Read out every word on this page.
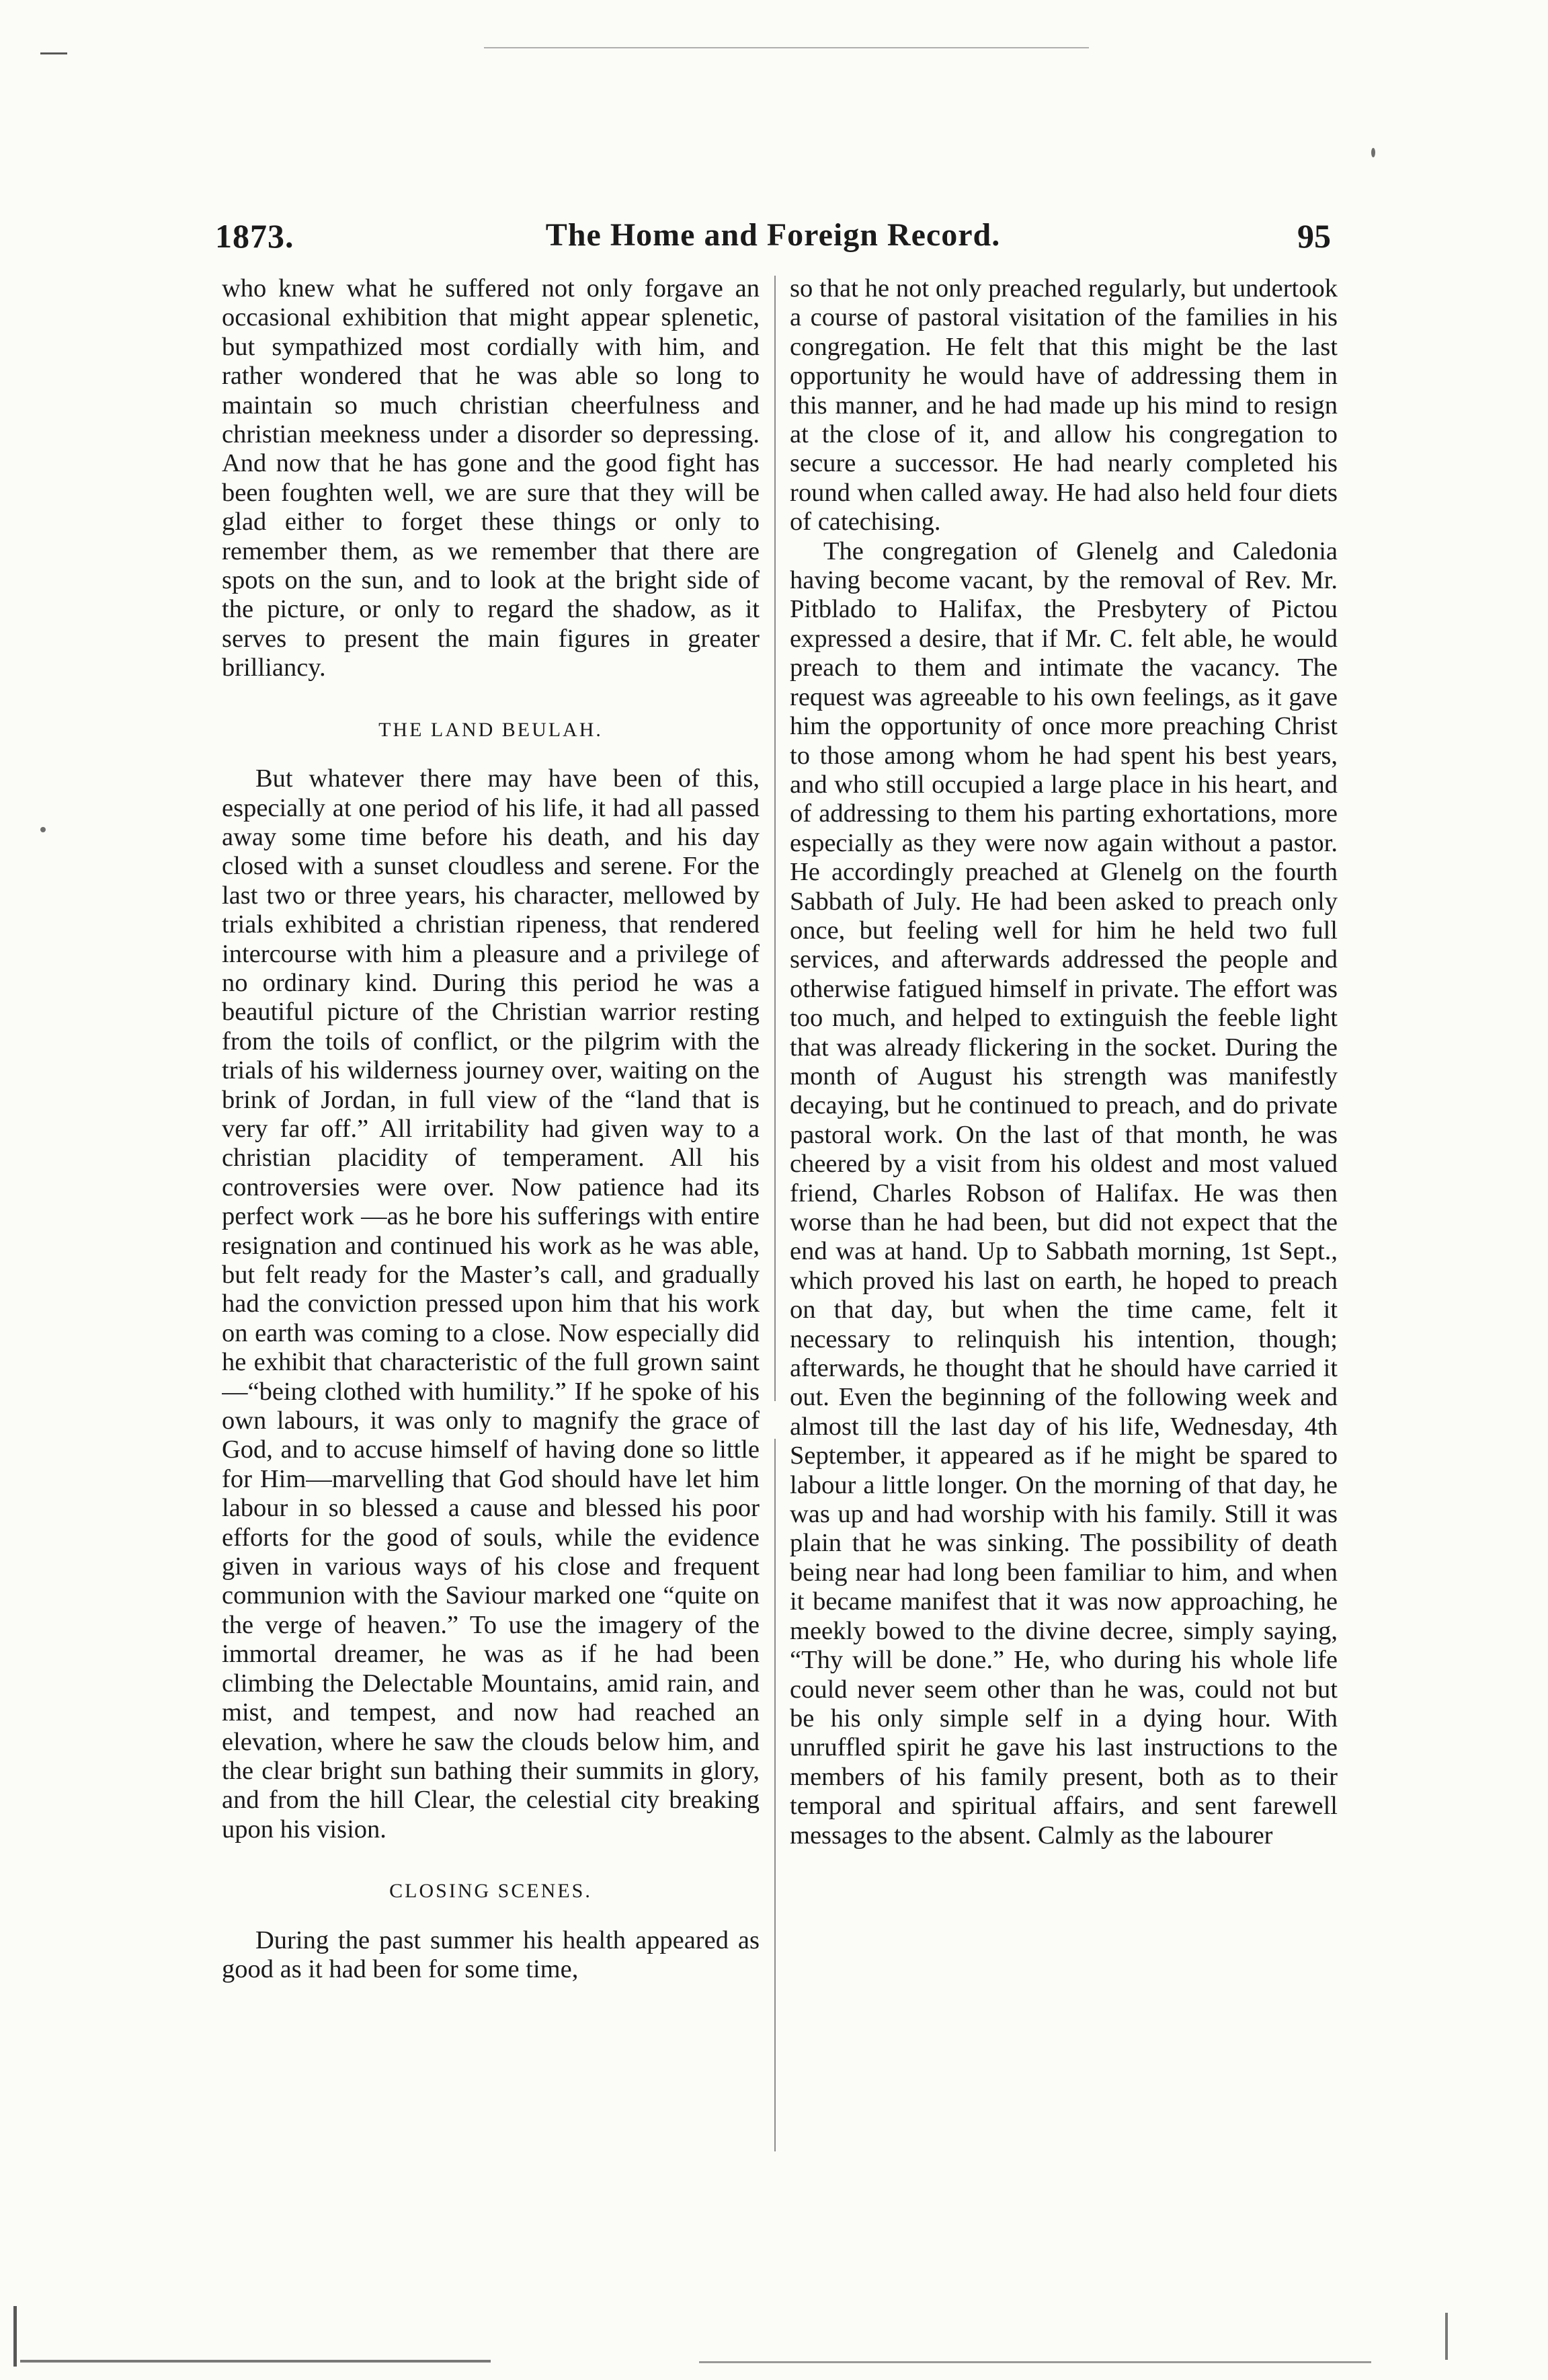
1873.	The Home and Foreign Record.	95

who knew what he suffered not only forgave an occasional exhibition that might appear splenetic, but sympathized most cordially with him, and rather wondered that he was able so long to maintain so much christian cheerfulness and christian meekness under a disorder so depressing. And now that he has gone and the good fight has been foughten well, we are sure that they will be glad either to forget these things or only to remember them, as we remember that there are spots on the sun, and to look at the bright side of the picture, or only to regard the shadow, as it serves to present the main figures in greater brilliancy.

THE LAND BEULAH.

But whatever there may have been of this, especially at one period of his life, it had all passed away some time before his death, and his day closed with a sunset cloudless and serene. For the last two or three years, his character, mellowed by trials exhibited a christian ripeness, that rendered intercourse with him a pleasure and a privilege of no ordinary kind. During this period he was a beautiful picture of the Christian warrior resting from the toils of conflict, or the pilgrim with the trials of his wilderness journey over, waiting on the brink of Jordan, in full view of the “land that is very far off.” All irritability had given way to a christian placidity of temperament. All his controversies were over. Now patience had its perfect work —as he bore his sufferings with entire resignation and continued his work as he was able, but felt ready for the Master’s call, and gradually had the conviction pressed upon him that his work on earth was coming to a close. Now especially did he exhibit that characteristic of the full grown saint—“being clothed with humility.” If he spoke of his own labours, it was only to magnify the grace of God, and to accuse himself of having done so little for Him—marvelling that God should have let him labour in so blessed a cause and blessed his poor efforts for the good of souls, while the evidence given in various ways of his close and frequent communion with the Saviour marked one “quite on the verge of heaven.” To use the imagery of the immortal dreamer, he was as if he had been climbing the Delectable Mountains, amid rain, and mist, and tempest, and now had reached an elevation, where he saw the clouds below him, and the clear bright sun bathing their summits in glory, and from the hill Clear, the celestial city breaking upon his vision.

CLOSING SCENES.

During the past summer his health appeared as good as it had been for some time,

so that he not only preached regularly, but undertook a course of pastoral visitation of the families in his congregation. He felt that this might be the last opportunity he would have of addressing them in this manner, and he had made up his mind to resign at the close of it, and allow his congregation to secure a successor. He had nearly completed his round when called away. He had also held four diets of catechising.

The congregation of Glenelg and Caledonia having become vacant, by the removal of Rev. Mr. Pitblado to Halifax, the Presbytery of Pictou expressed a desire, that if Mr. C. felt able, he would preach to them and intimate the vacancy. The request was agreeable to his own feelings, as it gave him the opportunity of once more preaching Christ to those among whom he had spent his best years, and who still occupied a large place in his heart, and of addressing to them his parting exhortations, more especially as they were now again without a pastor. He accordingly preached at Glenelg on the fourth Sabbath of July. He had been asked to preach only once, but feeling well for him he held two full services, and afterwards addressed the people and otherwise fatigued himself in private. The effort was too much, and helped to extinguish the feeble light that was already flickering in the socket. During the month of August his strength was manifestly decaying, but he continued to preach, and do private pastoral work. On the last of that month, he was cheered by a visit from his oldest and most valued friend, Charles Robson of Halifax. He was then worse than he had been, but did not expect that the end was at hand. Up to Sabbath morning, 1st Sept., which proved his last on earth, he hoped to preach on that day, but when the time came, felt it necessary to relinquish his intention, though; afterwards, he thought that he should have carried it out. Even the beginning of the following week and almost till the last day of his life, Wednesday, 4th September, it appeared as if he might be spared to labour a little longer. On the morning of that day, he was up and had worship with his family. Still it was plain that he was sinking. The possibility of death being near had long been familiar to him, and when it became manifest that it was now approaching, he meekly bowed to the divine decree, simply saying, “Thy will be done.” He, who during his whole life could never seem other than he was, could not but be his only simple self in a dying hour. With unruffled spirit he gave his last instructions to the members of his family present, both as to their temporal and spiritual affairs, and sent farewell messages to the absent. Calmly as the labourer
